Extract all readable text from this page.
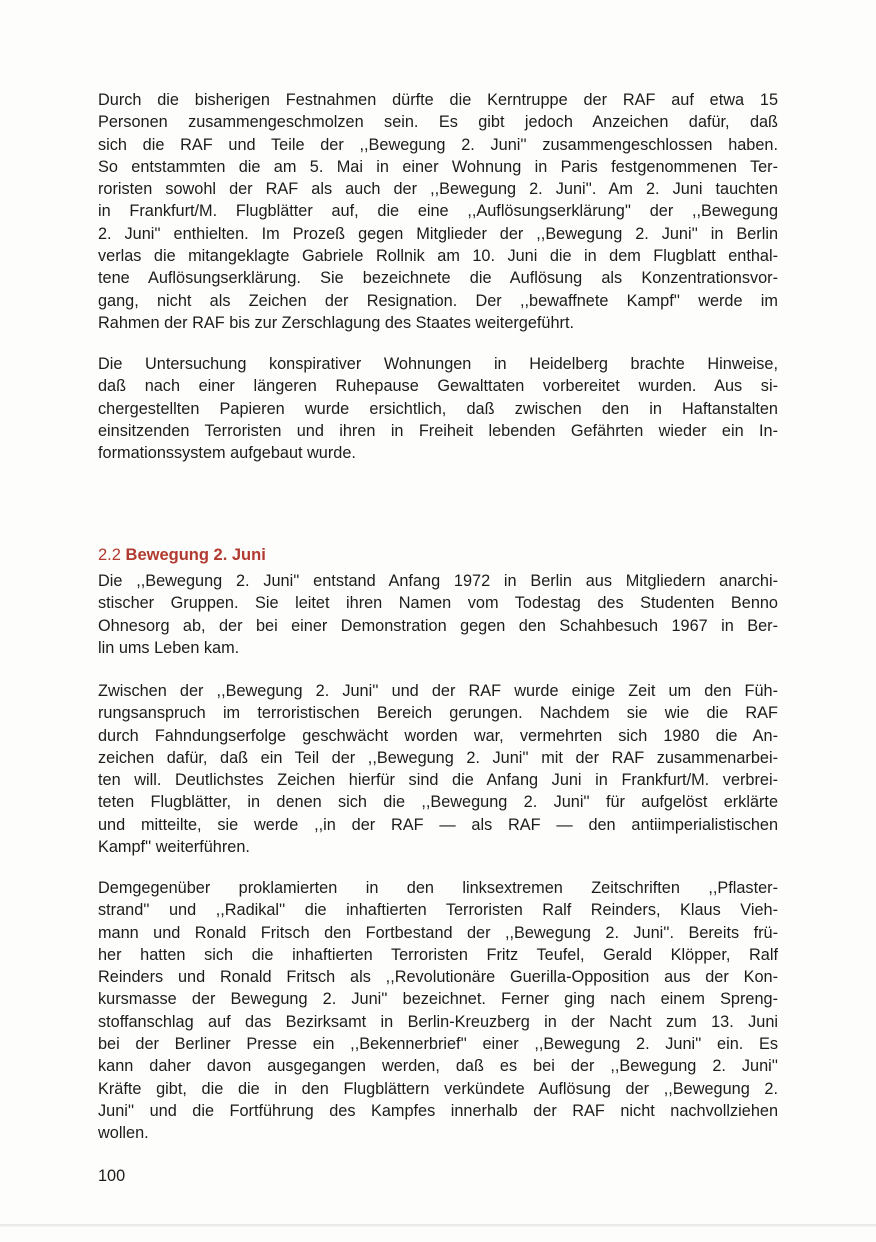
Durch die bisherigen Festnahmen dürfte die Kerntruppe der RAF auf etwa 15
Personen zusammengeschmolzen sein. Es gibt jedoch Anzeichen dafür, daß
sich die RAF und Teile der ,,Bewegung 2. Juni'' zusammengeschlossen haben.
So entstammten die am 5. Mai in einer Wohnung in Paris festgenommenen Ter-
roristen sowohl der RAF als auch der ,,Bewegung 2. Juni''. Am 2. Juni tauchten
in Frankfurt/M. Flugblätter auf, die eine ,,Auflösungserklärung'' der ,,Bewegung
2. Juni'' enthielten. Im Prozeß gegen Mitglieder der ,,Bewegung 2. Juni'' in Berlin
verlas die mitangeklagte Gabriele Rollnik am 10. Juni die in dem Flugblatt enthal-
tene Auflösungserklärung. Sie bezeichnete die Auflösung als Konzentrationsvor-
gang, nicht als Zeichen der Resignation. Der ,,bewaffnete Kampf'' werde im
Rahmen der RAF bis zur Zerschlagung des Staates weitergeführt.
Die Untersuchung konspirativer Wohnungen in Heidelberg brachte Hinweise,
daß nach einer längeren Ruhepause Gewalttaten vorbereitet wurden. Aus si-
chergestellten Papieren wurde ersichtlich, daß zwischen den in Haftanstalten
einsitzenden Terroristen und ihren in Freiheit lebenden Gefährten wieder ein In-
formationssystem aufgebaut wurde.
2.2 Bewegung 2. Juni
Die ,,Bewegung 2. Juni'' entstand Anfang 1972 in Berlin aus Mitgliedern anarchi-
stischer Gruppen. Sie leitet ihren Namen vom Todestag des Studenten Benno
Ohnesorg ab, der bei einer Demonstration gegen den Schahbesuch 1967 in Ber-
lin ums Leben kam.
Zwischen der ,,Bewegung 2. Juni'' und der RAF wurde einige Zeit um den Füh-
rungsanspruch im terroristischen Bereich gerungen. Nachdem sie wie die RAF
durch Fahndungserfolge geschwächt worden war, vermehrten sich 1980 die An-
zeichen dafür, daß ein Teil der ,,Bewegung 2. Juni'' mit der RAF zusammenarbei-
ten will. Deutlichstes Zeichen hierfür sind die Anfang Juni in Frankfurt/M. verbrei-
teten Flugblätter, in denen sich die ,,Bewegung 2. Juni'' für aufgelöst erklärte
und mitteilte, sie werde ,,in der RAF — als RAF — den antiimperialistischen
Kampf'' weiterführen.
Demgegenüber proklamierten in den linksextremen Zeitschriften ,,Pflaster-
strand'' und ,,Radikal'' die inhaftierten Terroristen Ralf Reinders, Klaus Vieh-
mann und Ronald Fritsch den Fortbestand der ,,Bewegung 2. Juni''. Bereits frü-
her hatten sich die inhaftierten Terroristen Fritz Teufel, Gerald Klöpper, Ralf
Reinders und Ronald Fritsch als ,,Revolutionäre Guerilla-Opposition aus der Kon-
kursmasse der Bewegung 2. Juni'' bezeichnet. Ferner ging nach einem Spreng-
stoffanschlag auf das Bezirksamt in Berlin-Kreuzberg in der Nacht zum 13. Juni
bei der Berliner Presse ein ,,Bekennerbrief'' einer ,,Bewegung 2. Juni'' ein. Es
kann daher davon ausgegangen werden, daß es bei der ,,Bewegung 2. Juni''
Kräfte gibt, die die in den Flugblättern verkündete Auflösung der ,,Bewegung 2.
Juni'' und die Fortführung des Kampfes innerhalb der RAF nicht nachvollziehen
wollen.
100
